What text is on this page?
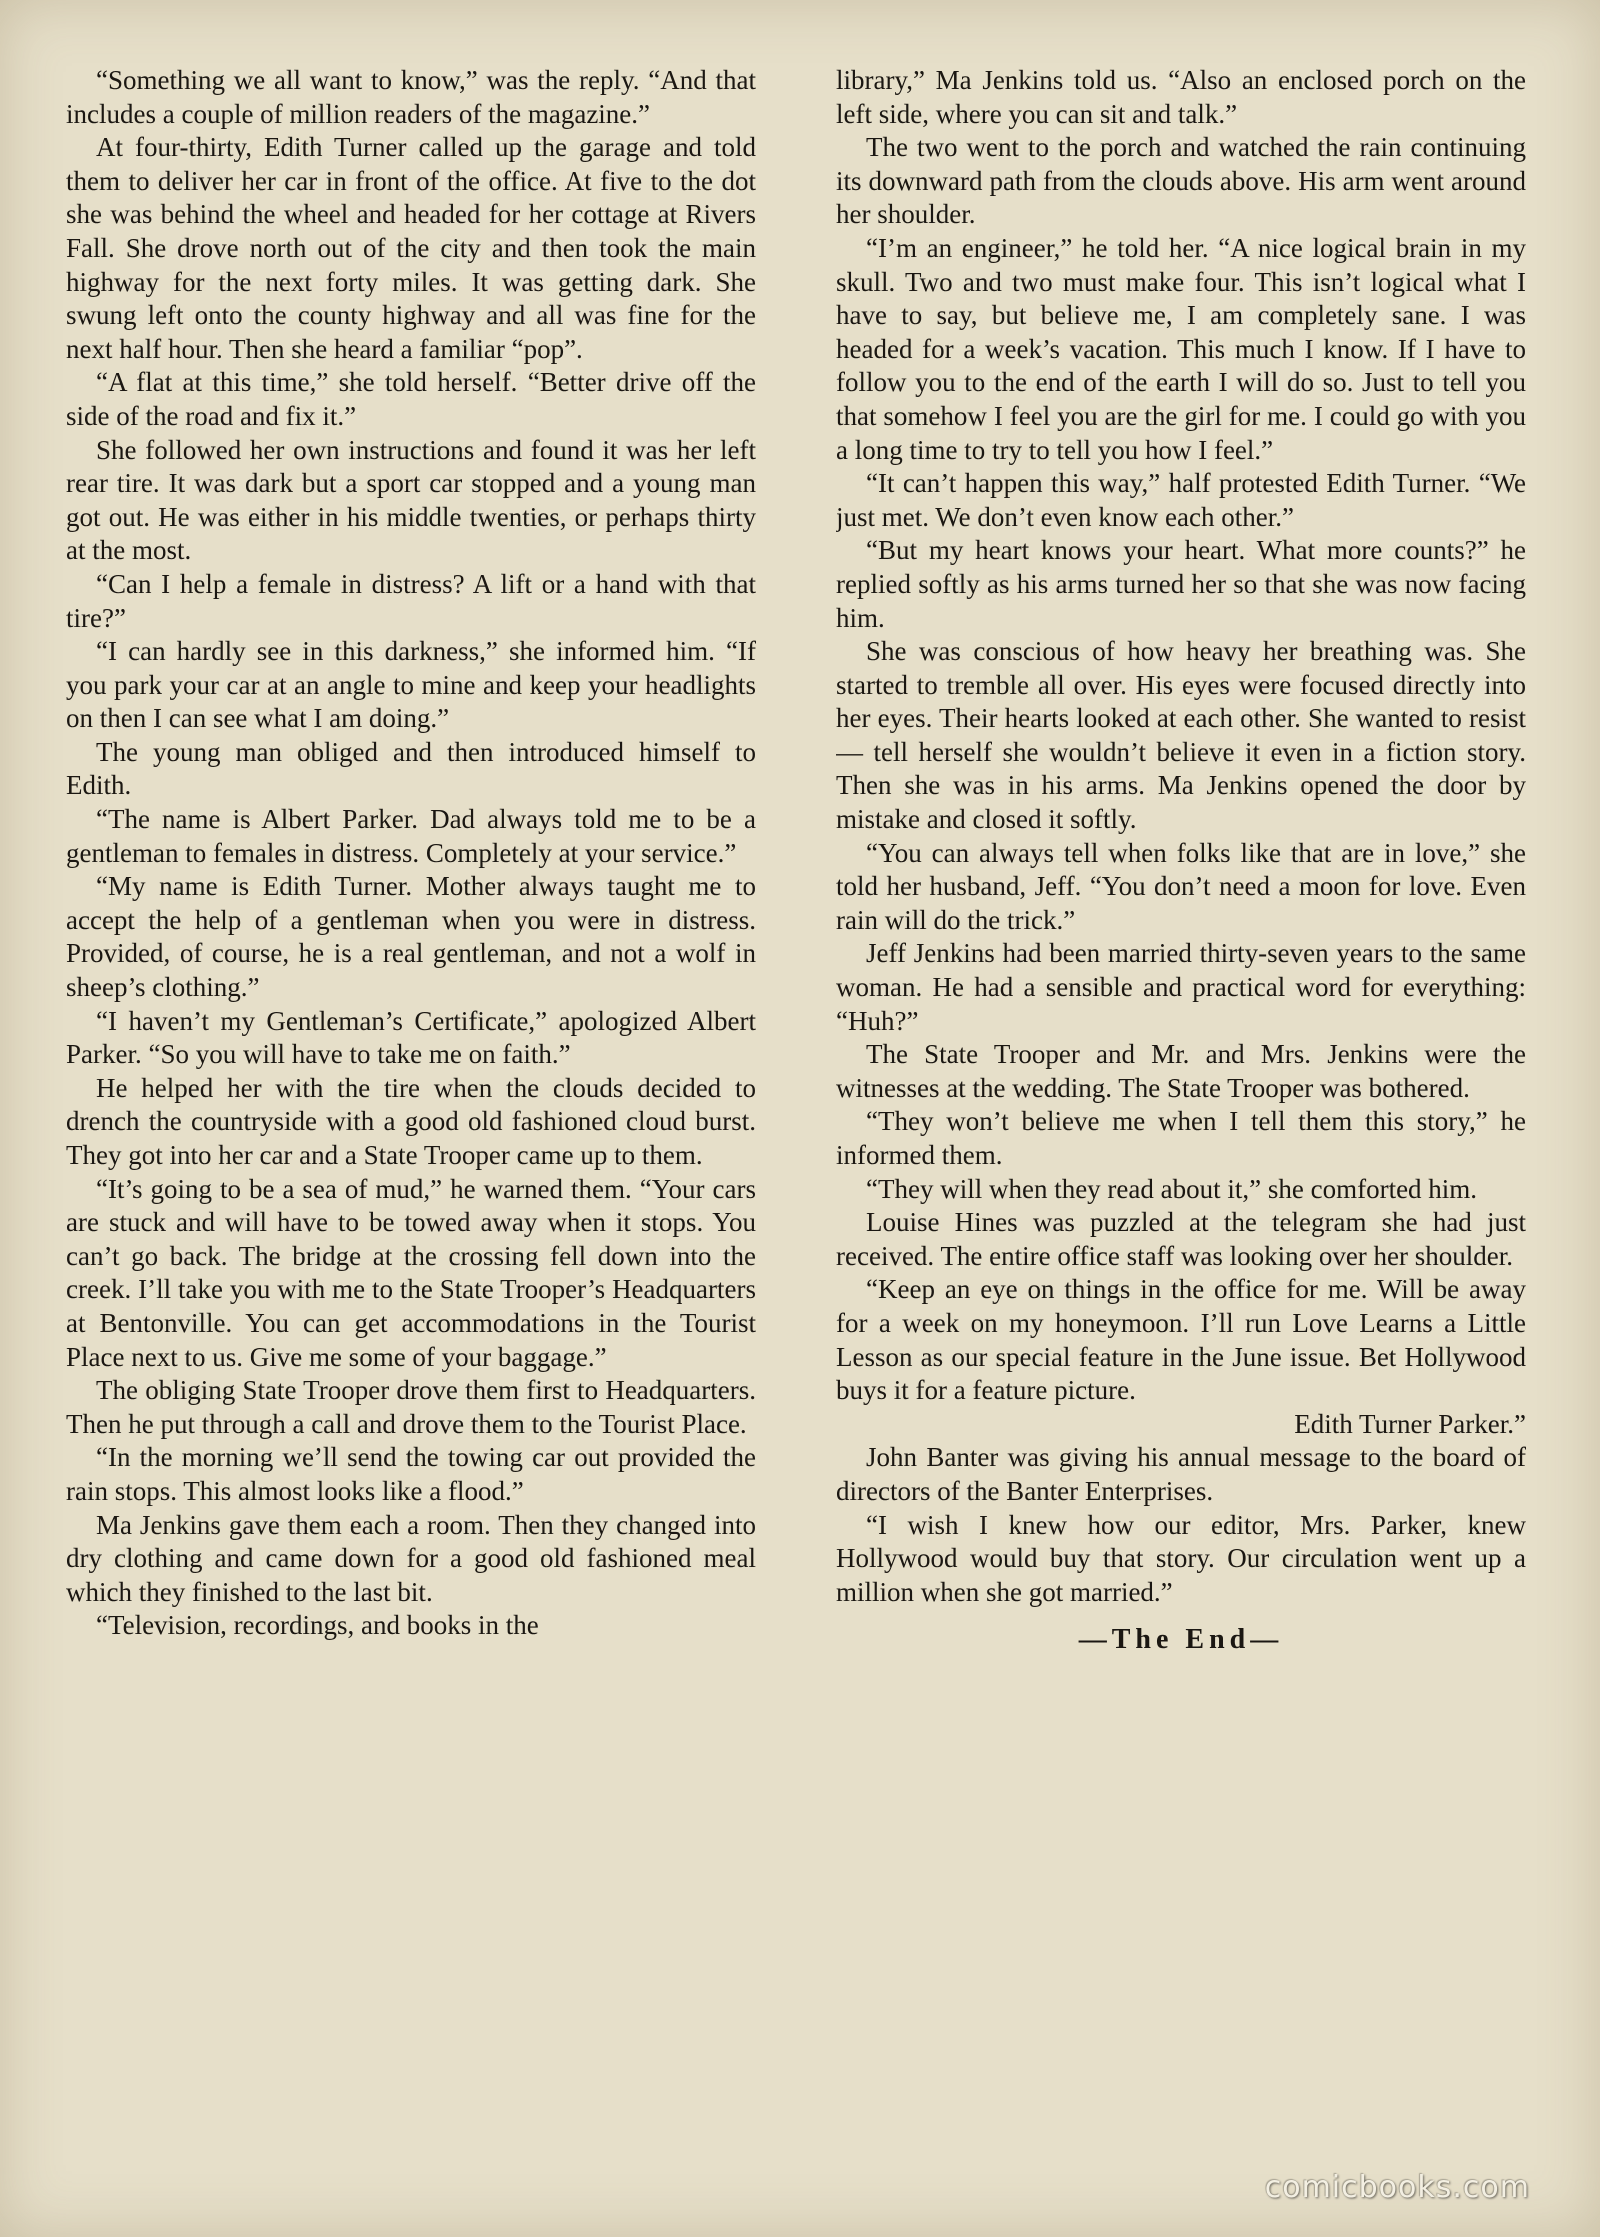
“Something we all want to know,” was the reply. “And that includes a couple of million readers of the magazine.”

At four-thirty, Edith Turner called up the garage and told them to deliver her car in front of the office. At five to the dot she was behind the wheel and headed for her cottage at Rivers Fall. She drove north out of the city and then took the main highway for the next forty miles. It was getting dark. She swung left onto the county highway and all was fine for the next half hour. Then she heard a familiar “pop”.

“A flat at this time,” she told herself. “Better drive off the side of the road and fix it.”

She followed her own instructions and found it was her left rear tire. It was dark but a sport car stopped and a young man got out. He was either in his middle twenties, or perhaps thirty at the most.

“Can I help a female in distress? A lift or a hand with that tire?”

“I can hardly see in this darkness,” she informed him. “If you park your car at an angle to mine and keep your headlights on then I can see what I am doing.”

The young man obliged and then introduced himself to Edith.

“The name is Albert Parker. Dad always told me to be a gentleman to females in distress. Completely at your service.”

“My name is Edith Turner. Mother always taught me to accept the help of a gentleman when you were in distress. Provided, of course, he is a real gentleman, and not a wolf in sheep’s clothing.”

“I haven’t my Gentleman’s Certificate,” apologized Albert Parker. “So you will have to take me on faith.”

He helped her with the tire when the clouds decided to drench the countryside with a good old fashioned cloud burst. They got into her car and a State Trooper came up to them.

“It’s going to be a sea of mud,” he warned them. “Your cars are stuck and will have to be towed away when it stops. You can’t go back. The bridge at the crossing fell down into the creek. I’ll take you with me to the State Trooper’s Headquarters at Bentonville. You can get accommodations in the Tourist Place next to us. Give me some of your baggage.”

The obliging State Trooper drove them first to Headquarters. Then he put through a call and drove them to the Tourist Place.

“In the morning we’ll send the towing car out provided the rain stops. This almost looks like a flood.”

Ma Jenkins gave them each a room. Then they changed into dry clothing and came down for a good old fashioned meal which they finished to the last bit.

“Television, recordings, and books in the

library,” Ma Jenkins told us. “Also an enclosed porch on the left side, where you can sit and talk.”

The two went to the porch and watched the rain continuing its downward path from the clouds above. His arm went around her shoulder.

“I’m an engineer,” he told her. “A nice logical brain in my skull. Two and two must make four. This isn’t logical what I have to say, but believe me, I am completely sane. I was headed for a week’s vacation. This much I know. If I have to follow you to the end of the earth I will do so. Just to tell you that somehow I feel you are the girl for me. I could go with you a long time to try to tell you how I feel.”

“It can’t happen this way,” half protested Edith Turner. “We just met. We don’t even know each other.”

“But my heart knows your heart. What more counts?” he replied softly as his arms turned her so that she was now facing him.

She was conscious of how heavy her breathing was. She started to tremble all over. His eyes were focused directly into her eyes. Their hearts looked at each other. She wanted to resist — tell herself she wouldn’t believe it even in a fiction story. Then she was in his arms. Ma Jenkins opened the door by mistake and closed it softly.

“You can always tell when folks like that are in love,” she told her husband, Jeff. “You don’t need a moon for love. Even rain will do the trick.”

Jeff Jenkins had been married thirty-seven years to the same woman. He had a sensible and practical word for everything: “Huh?”

The State Trooper and Mr. and Mrs. Jenkins were the witnesses at the wedding. The State Trooper was bothered.

“They won’t believe me when I tell them this story,” he informed them.

“They will when they read about it,” she comforted him.

Louise Hines was puzzled at the telegram she had just received. The entire office staff was looking over her shoulder.

“Keep an eye on things in the office for me. Will be away for a week on my honeymoon. I’ll run Love Learns a Little Lesson as our special feature in the June issue. Bet Hollywood buys it for a feature picture.

Edith Turner Parker.”

John Banter was giving his annual message to the board of directors of the Banter Enterprises.

“I wish I knew how our editor, Mrs. Parker, knew Hollywood would buy that story. Our circulation went up a million when she got married.”

—The End—

comicbooks.com
